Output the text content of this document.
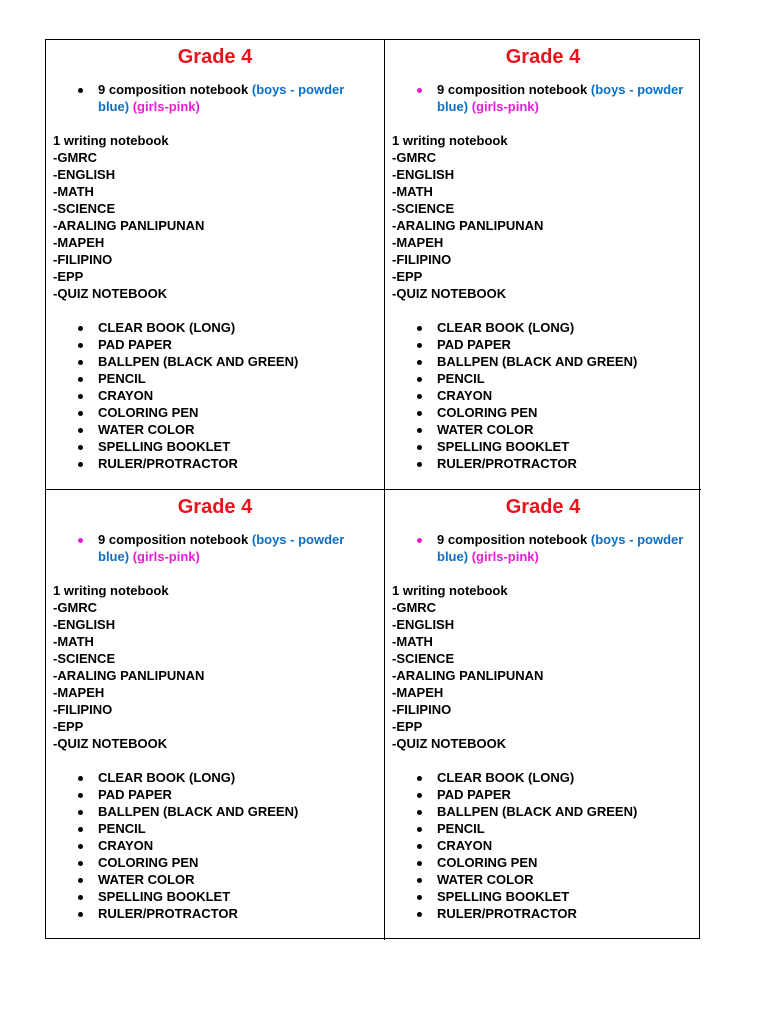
Grade 4
9 composition notebook (boys - powder blue) (girls-pink)
1 writing notebook
-GMRC
-ENGLISH
-MATH
-SCIENCE
-ARALING PANLIPUNAN
-MAPEH
-FILIPINO
-EPP
-QUIZ NOTEBOOK
CLEAR BOOK (LONG)
PAD PAPER
BALLPEN (BLACK AND GREEN)
PENCIL
CRAYON
COLORING PEN
WATER COLOR
SPELLING BOOKLET
RULER/PROTRACTOR
Grade 4
9 composition notebook (boys - powder blue) (girls-pink)
1 writing notebook
-GMRC
-ENGLISH
-MATH
-SCIENCE
-ARALING PANLIPUNAN
-MAPEH
-FILIPINO
-EPP
-QUIZ NOTEBOOK
CLEAR BOOK (LONG)
PAD PAPER
BALLPEN (BLACK AND GREEN)
PENCIL
CRAYON
COLORING PEN
WATER COLOR
SPELLING BOOKLET
RULER/PROTRACTOR
Grade 4
9 composition notebook (boys - powder blue) (girls-pink)
1 writing notebook
-GMRC
-ENGLISH
-MATH
-SCIENCE
-ARALING PANLIPUNAN
-MAPEH
-FILIPINO
-EPP
-QUIZ NOTEBOOK
CLEAR BOOK (LONG)
PAD PAPER
BALLPEN (BLACK AND GREEN)
PENCIL
CRAYON
COLORING PEN
WATER COLOR
SPELLING BOOKLET
RULER/PROTRACTOR
Grade 4
9 composition notebook (boys - powder blue) (girls-pink)
1 writing notebook
-GMRC
-ENGLISH
-MATH
-SCIENCE
-ARALING PANLIPUNAN
-MAPEH
-FILIPINO
-EPP
-QUIZ NOTEBOOK
CLEAR BOOK (LONG)
PAD PAPER
BALLPEN (BLACK AND GREEN)
PENCIL
CRAYON
COLORING PEN
WATER COLOR
SPELLING BOOKLET
RULER/PROTRACTOR
